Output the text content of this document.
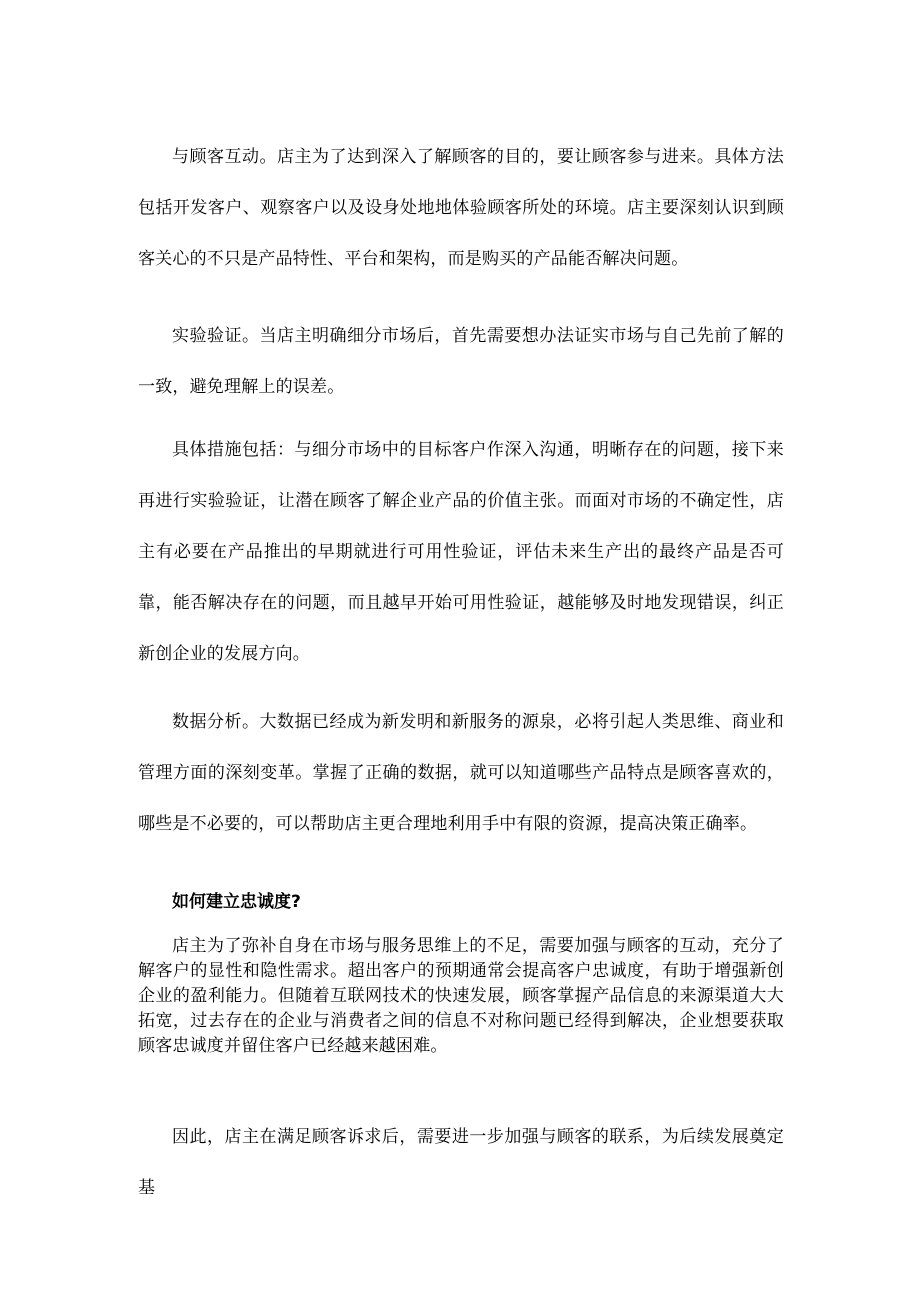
与顾客互动。店主为了达到深入了解顾客的目的，要让顾客参与进来。具体方法包括开发客户、观察客户以及设身处地地体验顾客所处的环境。店主要深刻认识到顾客关心的不只是产品特性、平台和架构，而是购买的产品能否解决问题。

实验验证。当店主明确细分市场后，首先需要想办法证实市场与自己先前了解的一致，避免理解上的误差。

具体措施包括：与细分市场中的目标客户作深入沟通，明晰存在的问题，接下来再进行实验验证，让潜在顾客了解企业产品的价值主张。而面对市场的不确定性，店主有必要在产品推出的早期就进行可用性验证，评估未来生产出的最终产品是否可靠，能否解决存在的问题，而且越早开始可用性验证，越能够及时地发现错误，纠正新创企业的发展方向。

数据分析。大数据已经成为新发明和新服务的源泉，必将引起人类思维、商业和管理方面的深刻变革。掌握了正确的数据，就可以知道哪些产品特点是顾客喜欢的，哪些是不必要的，可以帮助店主更合理地利用手中有限的资源，提高决策正确率。

如何建立忠诚度?

店主为了弥补自身在市场与服务思维上的不足，需要加强与顾客的互动，充分了解客户的显性和隐性需求。超出客户的预期通常会提高客户忠诚度，有助于增强新创企业的盈利能力。但随着互联网技术的快速发展，顾客掌握产品信息的来源渠道大大拓宽，过去存在的企业与消费者之间的信息不对称问题已经得到解决，企业想要获取顾客忠诚度并留住客户已经越来越困难。

因此，店主在满足顾客诉求后，需要进一步加强与顾客的联系，为后续发展奠定基
